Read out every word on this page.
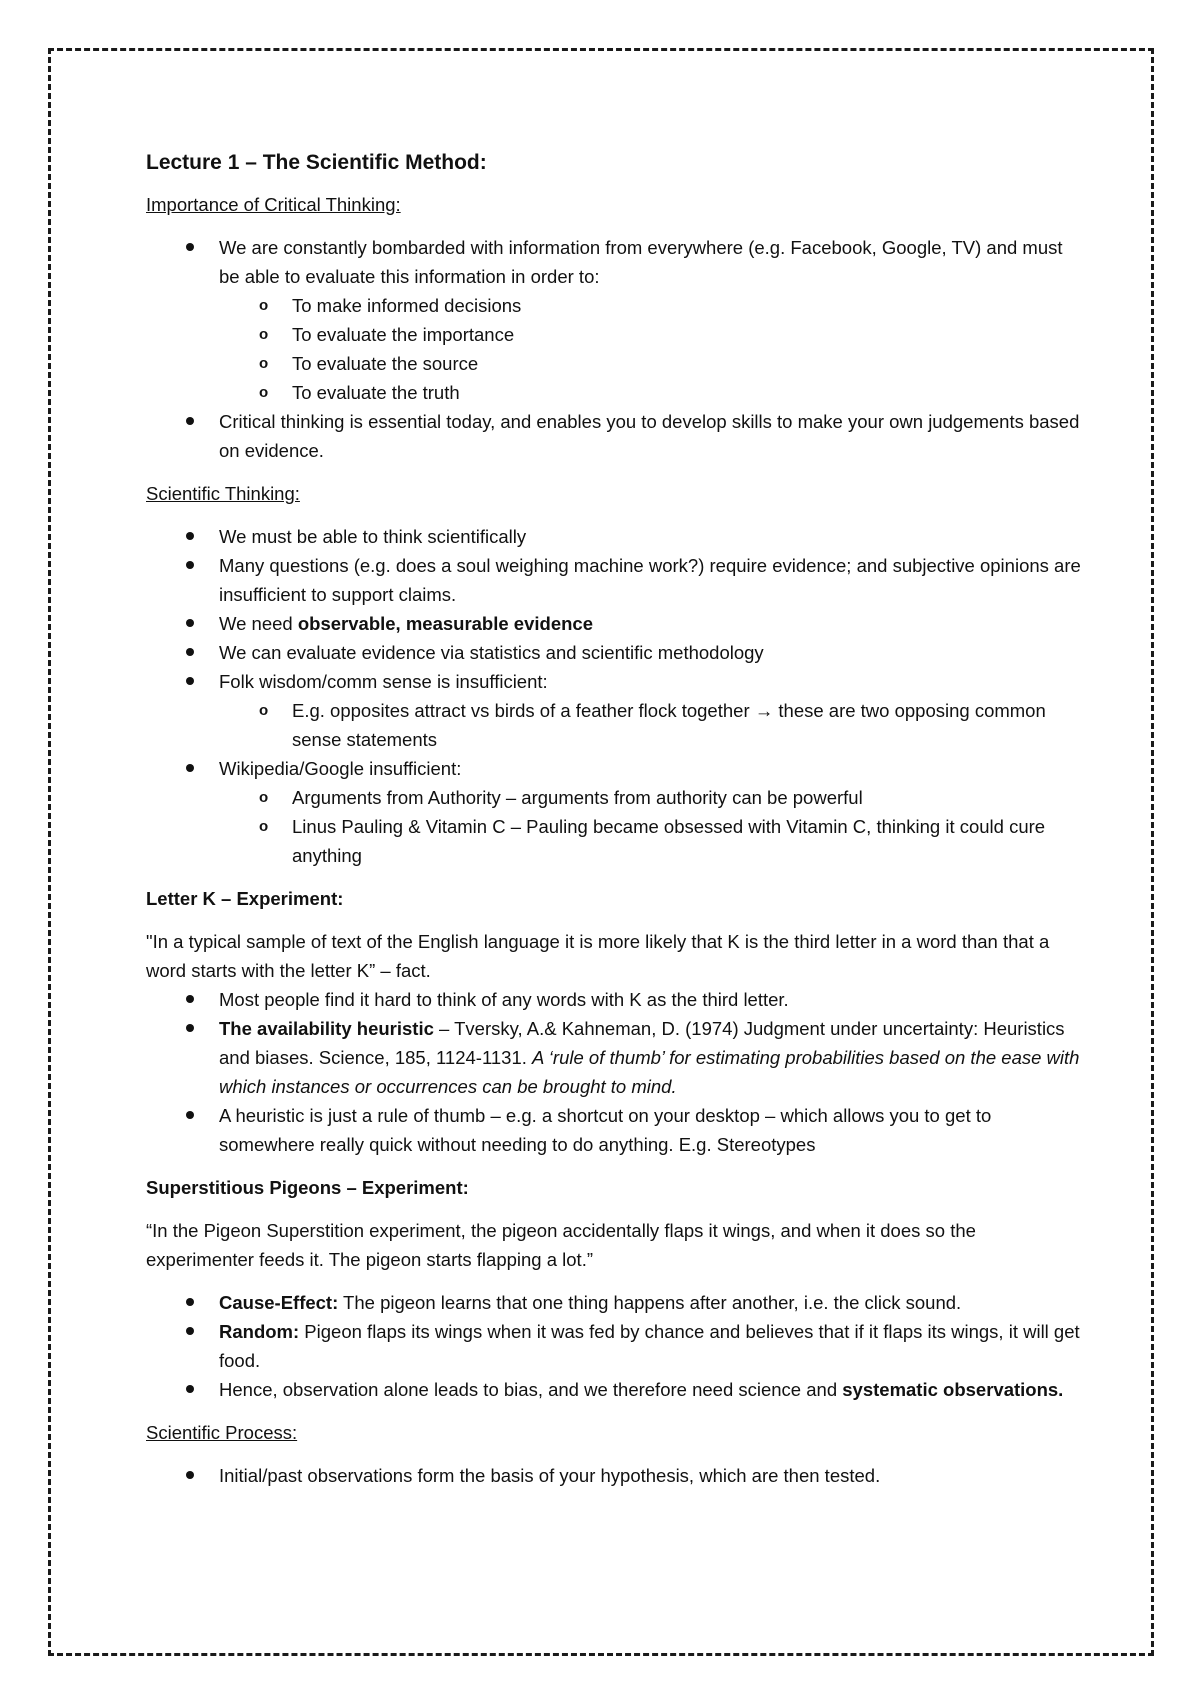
Lecture 1 – The Scientific Method:
Importance of Critical Thinking:
We are constantly bombarded with information from everywhere (e.g. Facebook, Google, TV) and must be able to evaluate this information in order to:
o To make informed decisions
o To evaluate the importance
o To evaluate the source
o To evaluate the truth
Critical thinking is essential today, and enables you to develop skills to make your own judgements based on evidence.
Scientific Thinking:
We must be able to think scientifically
Many questions (e.g. does a soul weighing machine work?) require evidence; and subjective opinions are insufficient to support claims.
We need observable, measurable evidence
We can evaluate evidence via statistics and scientific methodology
Folk wisdom/comm sense is insufficient:
o E.g. opposites attract vs birds of a feather flock together → these are two opposing common sense statements
Wikipedia/Google insufficient:
o Arguments from Authority – arguments from authority can be powerful
o Linus Pauling & Vitamin C – Pauling became obsessed with Vitamin C, thinking it could cure anything
Letter K – Experiment:

"In a typical sample of text of the English language it is more likely that K is the third letter in a word than that a word starts with the letter K” – fact.

Most people find it hard to think of any words with K as the third letter.
The availability heuristic – Tversky, A.& Kahneman, D. (1974) Judgment under uncertainty: Heuristics and biases. Science, 185, 1124-1131. A ‘rule of thumb’ for estimating probabilities based on the ease with which instances or occurrences can be brought to mind.
A heuristic is just a rule of thumb – e.g. a shortcut on your desktop – which allows you to get to somewhere really quick without needing to do anything. E.g. Stereotypes
Superstitious Pigeons – Experiment:

“In the Pigeon Superstition experiment, the pigeon accidentally flaps it wings, and when it does so the experimenter feeds it. The pigeon starts flapping a lot.”

Cause-Effect: The pigeon learns that one thing happens after another, i.e. the click sound.
Random: Pigeon flaps its wings when it was fed by chance and believes that if it flaps its wings, it will get food.
Hence, observation alone leads to bias, and we therefore need science and systematic observations.
Scientific Process:
Initial/past observations form the basis of your hypothesis, which are then tested.
